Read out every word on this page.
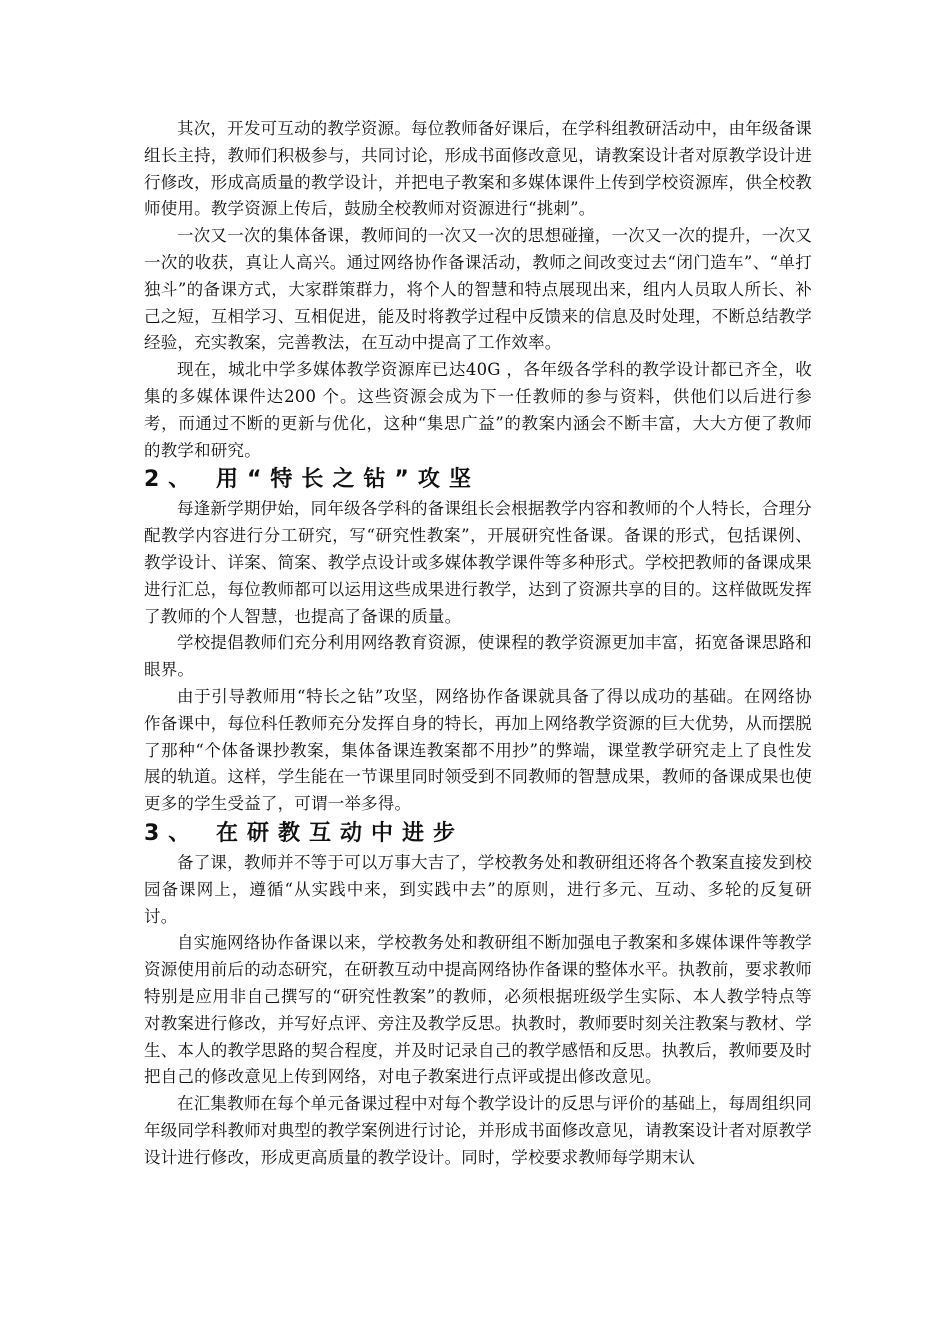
其次，开发可互动的教学资源。每位教师备好课后，在学科组教研活动中，由年级备课组长主持，教师们积极参与，共同讨论，形成书面修改意见，请教案设计者对原教学设计进行修改，形成高质量的教学设计，并把电子教案和多媒体课件上传到学校资源库，供全校教师使用。教学资源上传后，鼓励全校教师对资源进行“挑刺”。

一次又一次的集体备课，教师间的一次又一次的思想碰撞，一次又一次的提升，一次又一次的收获，真让人高兴。通过网络协作备课活动，教师之间改变过去“闭门造车”、“单打独斗”的备课方式，大家群策群力，将个人的智慧和特点展现出来，组内人员取人所长、补己之短，互相学习、互相促进，能及时将教学过程中反馈来的信息及时处理，不断总结教学经验，充实教案，完善教法，在互动中提高了工作效率。

现在，城北中学多媒体教学资源库已达40G ，各年级各学科的教学设计都已齐全，收集的多媒体课件达200 个。这些资源会成为下一任教师的参与资料，供他们以后进行参考，而通过不断的更新与优化，这种“集思广益”的教案内涵会不断丰富，大大方便了教师的教学和研究。

2、 用“特长之钻”攻坚

每逢新学期伊始，同年级各学科的备课组长会根据教学内容和教师的个人特长，合理分配教学内容进行分工研究，写“研究性教案”，开展研究性备课。备课的形式，包括课例、教学设计、详案、简案、教学点设计或多媒体教学课件等多种形式。学校把教师的备课成果进行汇总，每位教师都可以运用这些成果进行教学，达到了资源共享的目的。这样做既发挥了教师的个人智慧，也提高了备课的质量。

学校提倡教师们充分利用网络教育资源，使课程的教学资源更加丰富，拓宽备课思路和眼界。

由于引导教师用“特长之钻”攻坚，网络协作备课就具备了得以成功的基础。在网络协作备课中，每位科任教师充分发挥自身的特长，再加上网络教学资源的巨大优势，从而摆脱了那种“个体备课抄教案，集体备课连教案都不用抄”的弊端，课堂教学研究走上了良性发展的轨道。这样，学生能在一节课里同时领受到不同教师的智慧成果，教师的备课成果也使更多的学生受益了，可谓一举多得。

3、 在研教互动中进步

备了课，教师并不等于可以万事大吉了，学校教务处和教研组还将各个教案直接发到校园备课网上，遵循“从实践中来，到实践中去”的原则，进行多元、互动、多轮的反复研讨。

自实施网络协作备课以来，学校教务处和教研组不断加强电子教案和多媒体课件等教学资源使用前后的动态研究，在研教互动中提高网络协作备课的整体水平。执教前，要求教师特别是应用非自己撰写的“研究性教案”的教师，必须根据班级学生实际、本人教学特点等对教案进行修改，并写好点评、旁注及教学反思。执教时，教师要时刻关注教案与教材、学生、本人的教学思路的契合程度，并及时记录自己的教学感悟和反思。执教后，教师要及时把自己的修改意见上传到网络，对电子教案进行点评或提出修改意见。

在汇集教师在每个单元备课过程中对每个教学设计的反思与评价的基础上，每周组织同年级同学科教师对典型的教学案例进行讨论，并形成书面修改意见，请教案设计者对原教学设计进行修改，形成更高质量的教学设计。同时，学校要求教师每学期末认
